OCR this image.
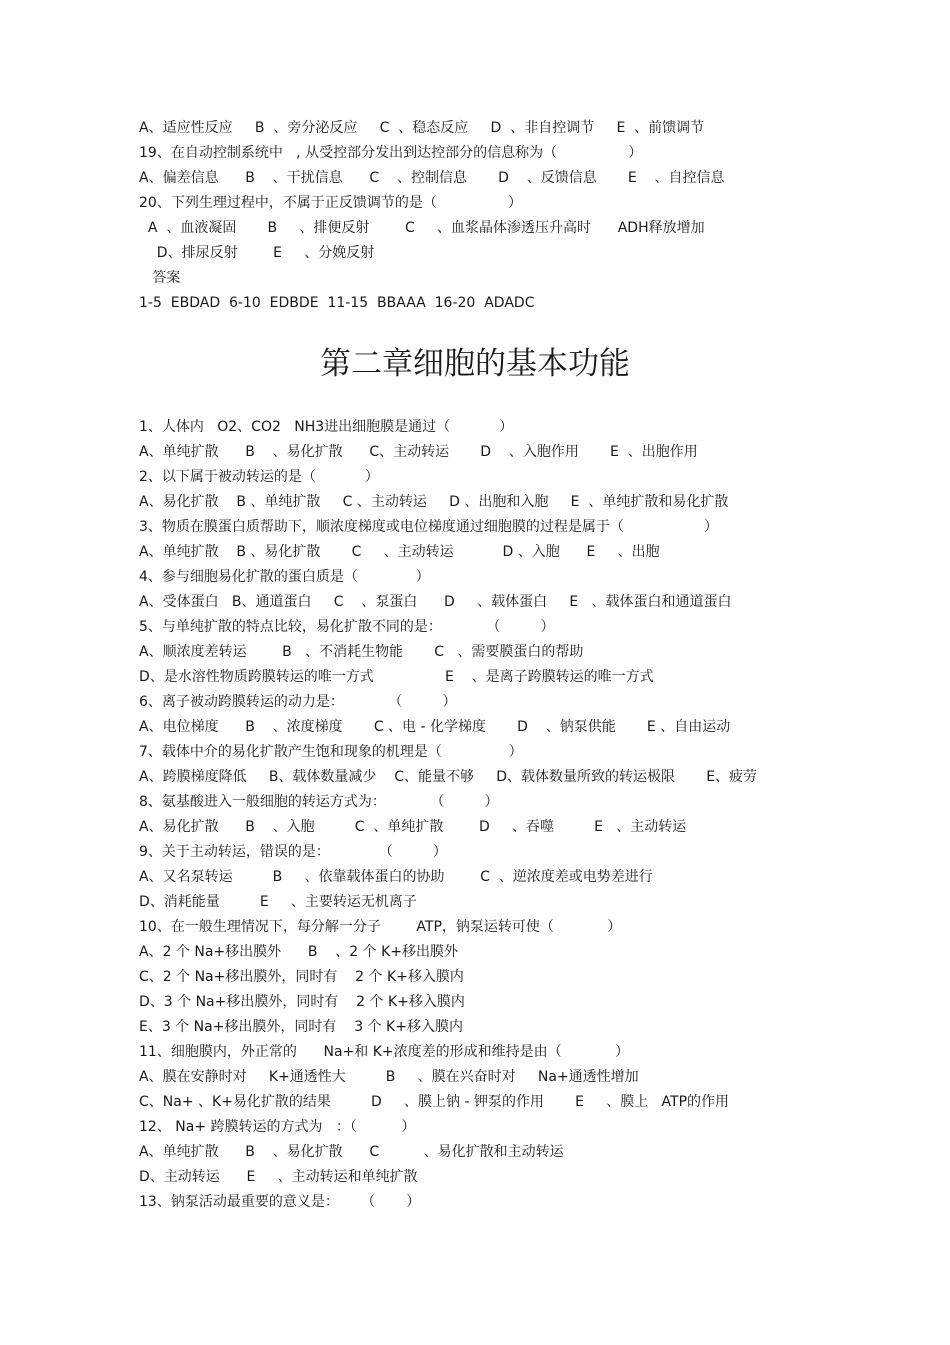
A、适应性反应     B  、旁分泌反应     C  、稳态反应     D  、非自控调节     E  、前馈调节
19、在自动控制系统中   , 从受控部分发出到达控部分的信息称为（                ）
A、偏差信息      B    、干扰信息      C    、控制信息       D    、反馈信息       E    、自控信息
20、下列生理过程中，不属于正反馈调节的是（                ）
A  、血液凝固       B     、排便反射        C     、血浆晶体渗透压升高时      ADH释放增加
D、排尿反射        E     、分娩反射
答案
1-5  EBDAD  6-10  EDBDE  11-15  BBAAA  16-20  ADADC
第二章细胞的基本功能
1、人体内   O2、CO2   NH3进出细胞膜是通过（           ）
A、单纯扩散      B    、易化扩散      C、主动转运       D    、入胞作用       E  、出胞作用
2、以下属于被动转运的是（           ）
A、易化扩散    B 、单纯扩散     C 、主动转运     D 、出胞和入胞     E  、单纯扩散和易化扩散
3、物质在膜蛋白质帮助下，顺浓度梯度或电位梯度通过细胞膜的过程是属于（                  ）
A、单纯扩散    B 、易化扩散       C     、主动转运           D 、入胞      E     、出胞
4、参与细胞易化扩散的蛋白质是（             ）
A、受体蛋白   B、通道蛋白     C    、泵蛋白      D     、载体蛋白     E   、载体蛋白和通道蛋白
5、与单纯扩散的特点比较，易化扩散不同的是：          （         ）
A、顺浓度差转运        B   、不消耗生物能       C   、需要膜蛋白的帮助
D、是水溶性物质跨膜转运的唯一方式                E    、是离子跨膜转运的唯一方式
6、离子被动跨膜转运的动力是：          （         ）
A、电位梯度      B    、浓度梯度       C 、电 - 化学梯度       D    、钠泵供能       E 、自由运动
7、载体中介的易化扩散产生饱和现象的机理是（               ）
A、跨膜梯度降低     B、载体数量减少    C、能量不够     D、载体数量所致的转运极限       E、疲劳
8、氨基酸进入一般细胞的转运方式为：          （         ）
A、易化扩散      B    、入胞         C  、单纯扩散        D     、吞噬         E   、主动转运
9、关于主动转运，错误的是：           （         ）
A、又名泵转运         B     、依靠载体蛋白的协助        C  、逆浓度差或电势差进行
D、消耗能量         E     、主要转运无机离子
10、在一般生理情况下，每分解一分子        ATP，钠泵运转可使（            ）
A、2 个 Na+移出膜外      B    、2 个 K+移出膜外
C、2 个 Na+移出膜外，同时有    2 个 K+移入膜内
D、3 个 Na+移出膜外，同时有    2 个 K+移入膜内
E、3 个 Na+移出膜外，同时有    3 个 K+移入膜内
11、细胞膜内，外正常的      Na+和 K+浓度差的形成和维持是由（            ）
A、膜在安静时对     K+通透性大         B     、膜在兴奋时对     Na+通透性增加
C、Na+ 、K+易化扩散的结果         D     、膜上钠 - 钾泵的作用       E     、膜上   ATP的作用
12、 Na+ 跨膜转运的方式为   ：（          ）
A、单纯扩散      B    、易化扩散      C          、易化扩散和主动转运
D、主动转运      E     、主动转运和单纯扩散
13、钠泵活动最重要的意义是：     （       ）
